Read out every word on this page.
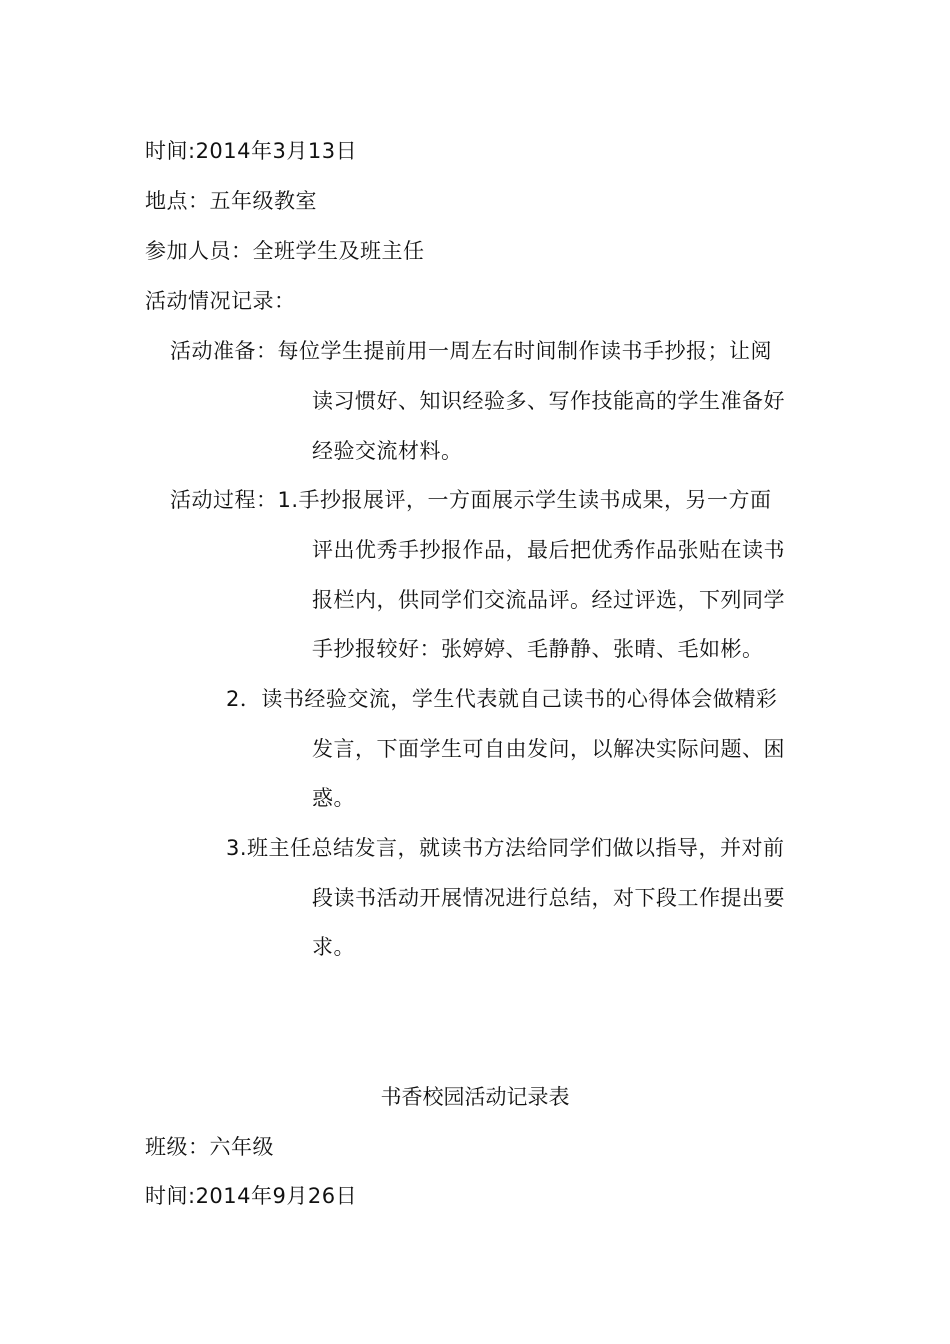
时间:2014年3月13日
地点：五年级教室
参加人员：全班学生及班主任
活动情况记录：
活动准备：每位学生提前用一周左右时间制作读书手抄报；让阅
读习惯好、知识经验多、写作技能高的学生准备好
经验交流材料。
活动过程：1.手抄报展评，一方面展示学生读书成果，另一方面
评出优秀手抄报作品，最后把优秀作品张贴在读书
报栏内，供同学们交流品评。经过评选，下列同学
手抄报较好：张婷婷、毛静静、张晴、毛如彬。
2．读书经验交流，学生代表就自己读书的心得体会做精彩
发言，下面学生可自由发问，以解决实际问题、困
惑。
3.班主任总结发言，就读书方法给同学们做以指导，并对前
段读书活动开展情况进行总结，对下段工作提出要
求。
书香校园活动记录表
班级：六年级
时间:2014年9月26日
